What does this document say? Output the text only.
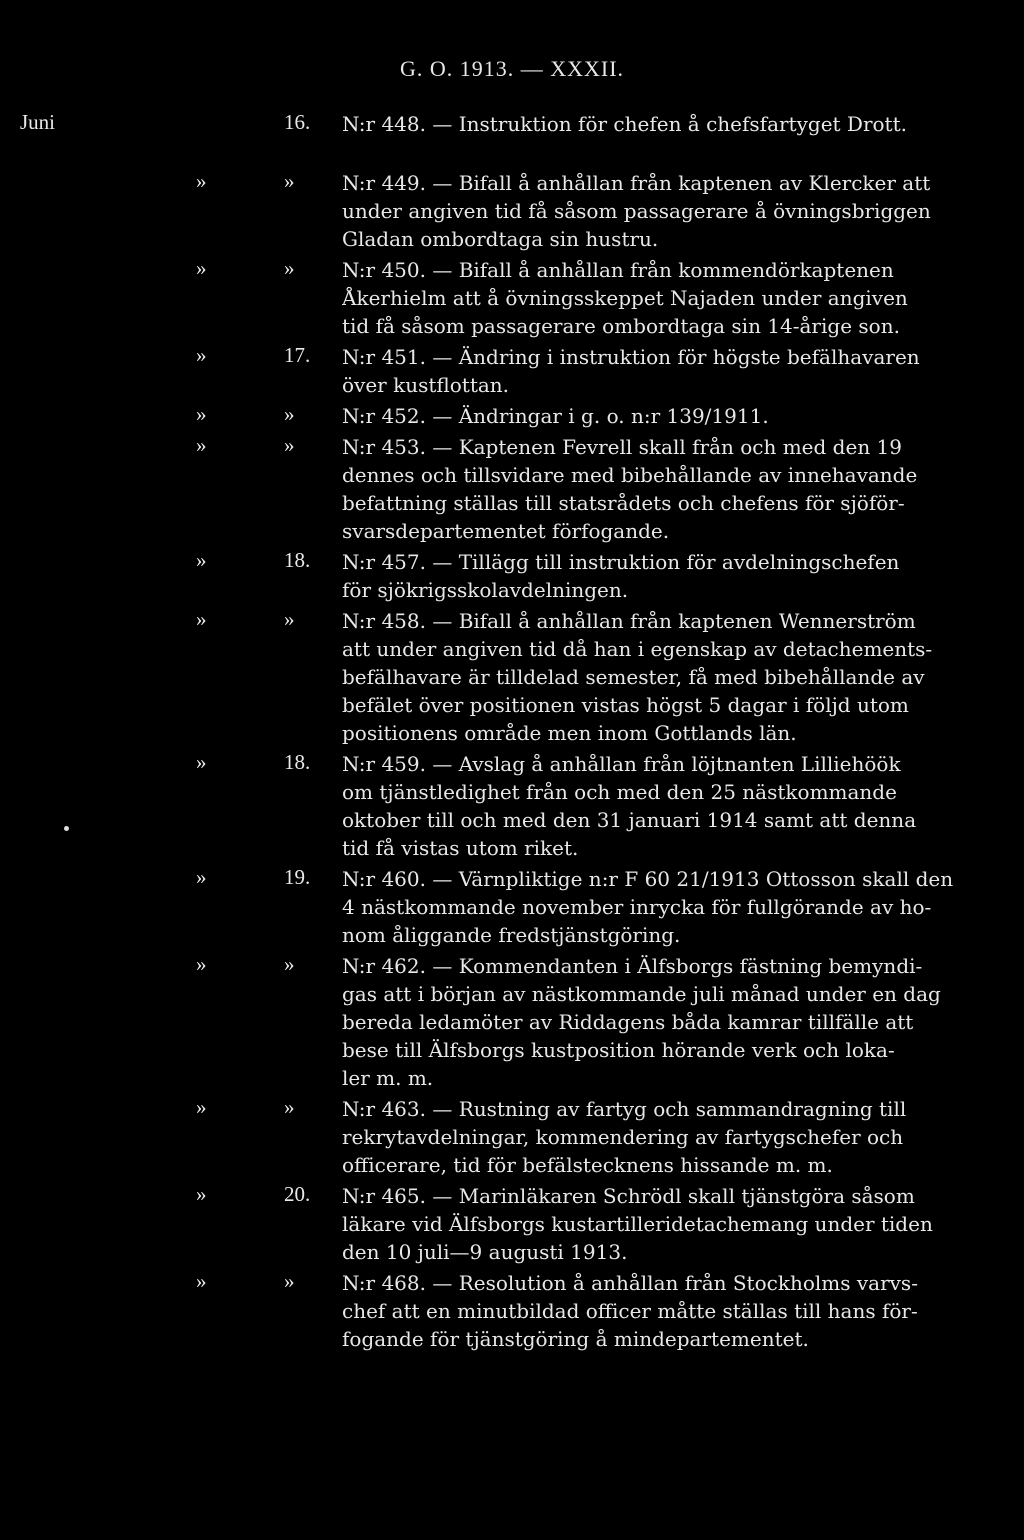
G. O. 1913. — XXXII.
Juni	16.	N:r 448. — Instruktion för chefen å chefsfartyget Drott.
»	»	N:r 449. — Bifall å anhållan från kaptenen av Klercker att
under angiven tid få såsom passagerare å övningsbriggen
Gladan ombordtaga sin hustru.
»	»	N:r 450. — Bifall å anhållan från kommendörkaptenen
Åkerhielm att å övningsskeppet Najaden under angiven
tid få såsom passagerare ombordtaga sin 14-årige son.
»	17.	N:r 451. — Ändring i instruktion för högste befälhavaren
över kustflottan.
»	»	N:r 452. — Ändringar i g. o. n:r 139/1911.
»	»	N:r 453. — Kaptenen Fevrell skall från och med den 19
dennes och tillsvidare med bibehållande av innehavande
befattning ställas till statsrådets och chefens för sjöför-
svarsdepartementet förfogande.
»	18.	N:r 457. — Tillägg till instruktion för avdelningschefen
för sjökrigsskolavdelningen.
»	»	N:r 458. — Bifall å anhållan från kaptenen Wennerström
att under angiven tid då han i egenskap av detachements-
befälhavare är tilldelad semester, få med bibehållande av
befälet över positionen vistas högst 5 dagar i följd utom
positionens område men inom Gottlands län.
»	18.	N:r 459. — Avslag å anhållan från löjtnanten Lilliehöök
om tjänstledighet från och med den 25 nästkommande
oktober till och med den 31 januari 1914 samt att denna
tid få vistas utom riket.
»	19.	N:r 460. — Värnpliktige n:r F 60 21/1913 Ottosson skall den
4 nästkommande november inrycka för fullgörande av ho-
nom åliggande fredstjänstgöring.
»	»	N:r 462. — Kommendanten i Älfsborgs fästning bemyndi-
gas att i början av nästkommande juli månad under en dag
bereda ledamöter av Riddagens båda kamrar tillfälle att
bese till Älfsborgs kustposition hörande verk och loka-
ler m. m.
»	»	N:r 463. — Rustning av fartyg och sammandragning till
rekrytavdelningar, kommendering av fartygschefer och
officerare, tid för befälstecknens hissande m. m.
»	20.	N:r 465. — Marinläkaren Schrödl skall tjänstgöra såsom
läkare vid Älfsborgs kustartilleridetachemang under tiden
den 10 juli—9 augusti 1913.
»	»	N:r 468. — Resolution å anhållan från Stockholms varvs-
chef att en minutbildad officer måtte ställas till hans för-
fogande för tjänstgöring å mindepartementet.
